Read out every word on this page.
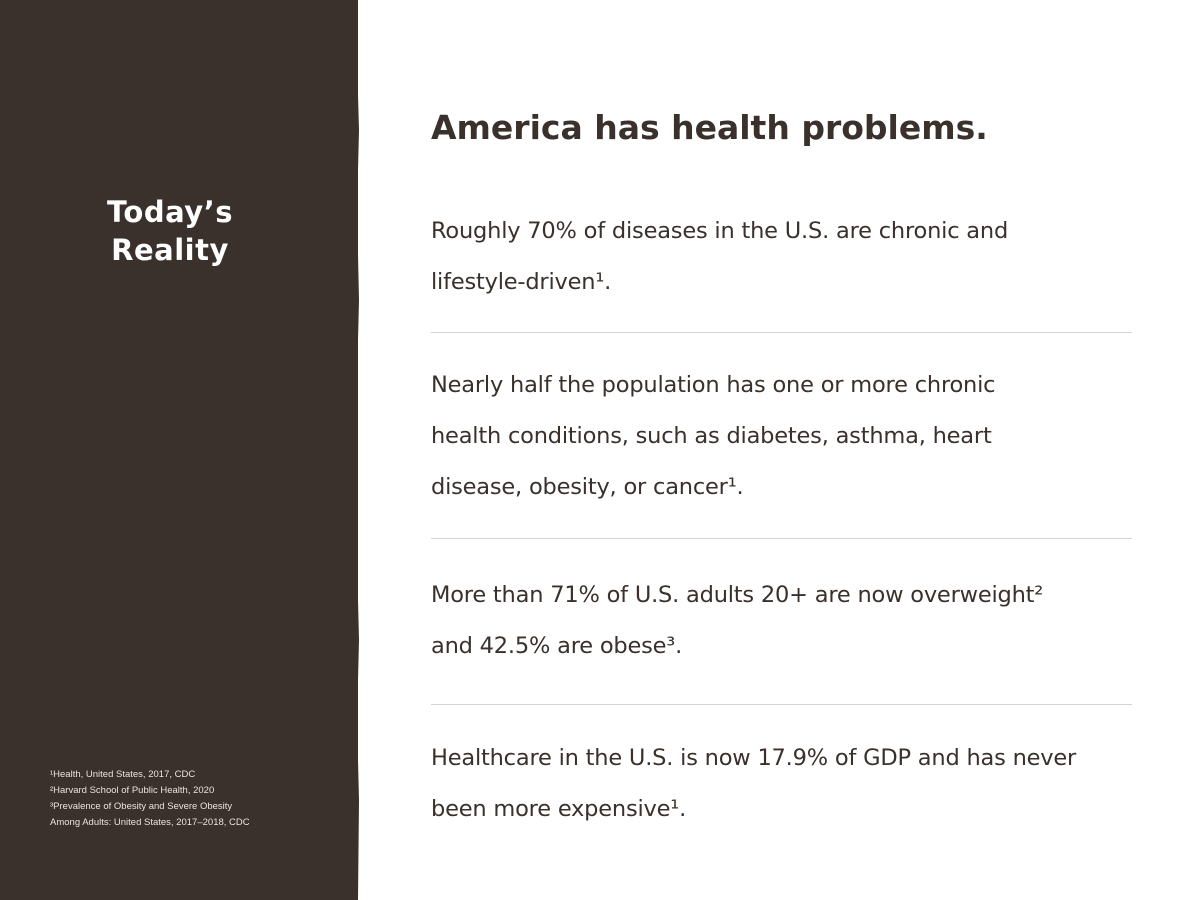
Today’s
Reality
¹Health, United States, 2017, CDC
²Harvard School of Public Health, 2020
³Prevalence of Obesity and Severe Obesity
Among Adults: United States, 2017–2018, CDC
America has health problems.
Roughly 70% of diseases in the U.S. are chronic and
lifestyle-driven¹.
Nearly half the population has one or more chronic
health conditions, such as diabetes, asthma, heart
disease, obesity, or cancer¹.
More than 71% of U.S. adults 20+ are now overweight²
and 42.5% are obese³.
Healthcare in the U.S. is now 17.9% of GDP and has never
been more expensive¹.
